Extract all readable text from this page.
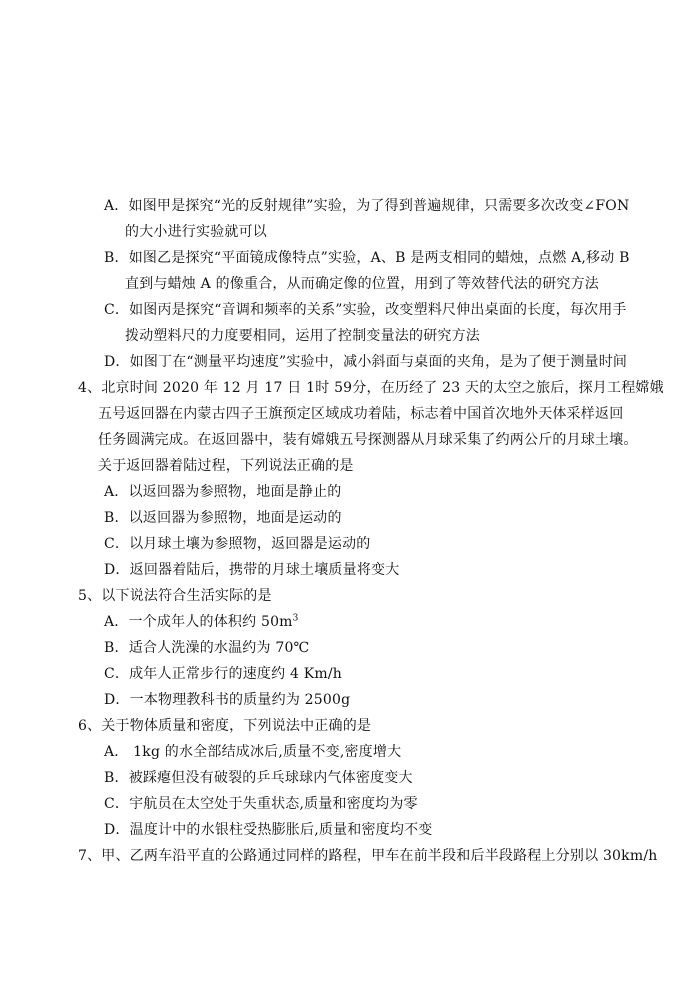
A．如图甲是探究“光的反射规律”实验，为了得到普遍规律，只需要多次改变∠FON
的大小进行实验就可以
B．如图乙是探究“平面镜成像特点”实验，A、B 是两支相同的蜡烛，点燃 A,移动 B
直到与蜡烛 A 的像重合，从而确定像的位置，用到了等效替代法的研究方法
C．如图丙是探究“音调和频率的关系”实验，改变塑料尺伸出桌面的长度，每次用手
拨动塑料尺的力度要相同，运用了控制变量法的研究方法
D．如图丁在“测量平均速度”实验中，减小斜面与桌面的夹角，是为了便于测量时间
4、北京时间 2020 年 12 月 17 日 1时 59分，在历经了 23 天的太空之旅后，探月工程嫦娥
五号返回器在内蒙古四子王旗预定区域成功着陆，标志着中国首次地外天体采样返回
任务圆满完成。在返回器中，装有嫦娥五号探测器从月球采集了约两公斤的月球土壤。
关于返回器着陆过程，下列说法正确的是
A．以返回器为参照物，地面是静止的
B．以返回器为参照物，地面是运动的
C．以月球土壤为参照物，返回器是运动的
D．返回器着陆后，携带的月球土壤质量将变大
5、以下说法符合生活实际的是
A．一个成年人的体积约 $50m^3$
B．适合人洗澡的水温约为 70℃
C．成年人正常步行的速度约 4 Km/h
D．一本物理教科书的质量约为 2500g
6、关于物体质量和密度，下列说法中正确的是
A． 1kg 的水全部结成冰后,质量不变,密度增大
B．被踩瘪但没有破裂的乒乓球球内气体密度变大
C．宇航员在太空处于失重状态,质量和密度均为零
D．温度计中的水银柱受热膨胀后,质量和密度均不变
7、甲、乙两车沿平直的公路通过同样的路程，甲车在前半段和后半段路程上分别以 30km/h
